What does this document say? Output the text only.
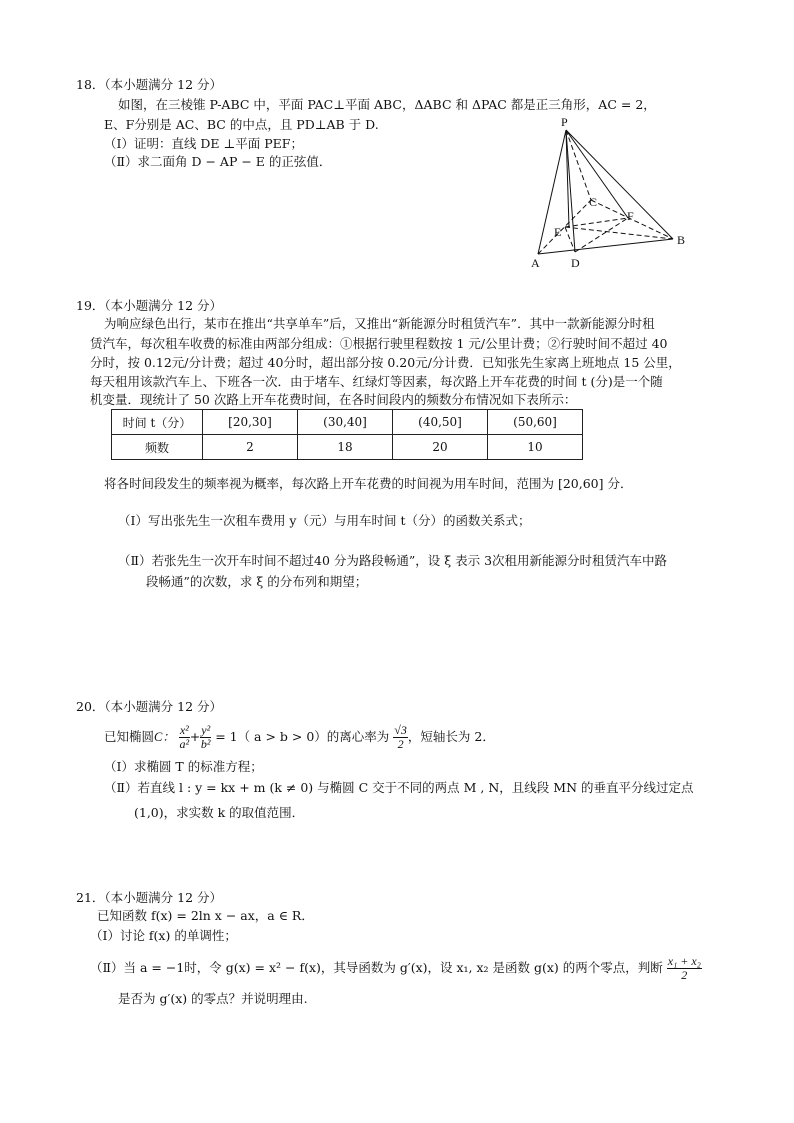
18．（本小题满分 12 分）
如图，在三棱锥 P-ABC 中，平面 PAC⊥平面 ABC，ΔABC 和 ΔPAC 都是正三角形，AC = 2，
E、F分别是 AC、BC 的中点，且 PD⊥AB 于 D.
（Ⅰ）证明：直线 DE ⊥平面 PEF；
（Ⅱ）求二面角 D − AP − E 的正弦值．
P
C
F
E
B
A	D
19．（本小题满分 12 分）
为响应绿色出行，某市在推出“共享单车”后，又推出“新能源分时租赁汽车”．其中一款新能源分时租
赁汽车，每次租车收费的标准由两部分组成：①根据行驶里程数按 1 元/公里计费；②行驶时间不超过 40
分时，按 0.12元/分计费；超过 40分时，超出部分按 0.20元/分计费．已知张先生家离上班地点 15 公里，
每天租用该款汽车上、下班各一次．由于堵车、红绿灯等因素，每次路上开车花费的时间 t (分)是一个随
机变量．现统计了 50 次路上开车花费时间，在各时间段内的频数分布情况如下表所示：
时间 t（分）	[20,30]	(30,40]	(40,50]	(50,60]
频数	2	18	20	10
将各时间段发生的频率视为概率，每次路上开车花费的时间视为用车时间，范围为 [20,60] 分．
（Ⅰ）写出张先生一次租车费用 y（元）与用车时间 t（分）的函数关系式；
（Ⅱ）若张先生一次开车时间不超过40 分为路段畅通”，设 ξ 表示 3次租用新能源分时租赁汽车中路
段畅通”的次数，求 ξ 的分布列和期望；
20．（本小题满分 12 分）
已知椭圆C： $\frac{\text{x²}}{\text{a²}} + \frac{\text{y²}}{\text{b²}} = 1$（ a > b > 0）的离心率为 $\frac{√3}{2}$ ，短轴长为 2．
（Ⅰ）求椭圆 T 的标准方程；
（Ⅱ）若直线 l : y = kx + m (k ≠ 0) 与椭圆 C 交于不同的两点 M , N，且线段 MN 的垂直平分线过定点
(1,0)，求实数 k 的取值范围．
21．（本小题满分 12 分）
已知函数 f(x) = 2ln x − ax，a ∈ R．
（Ⅰ）讨论 f(x) 的单调性；
（Ⅱ）当 a = −1时，令 g(x) = x² − f(x)，其导函数为 g′(x)，设 x₁, x₂ 是函数 g(x) 的两个零点，判断 $\frac{\text{x₁ + x₂}}{2}$
是否为 g′(x) 的零点？并说明理由.
